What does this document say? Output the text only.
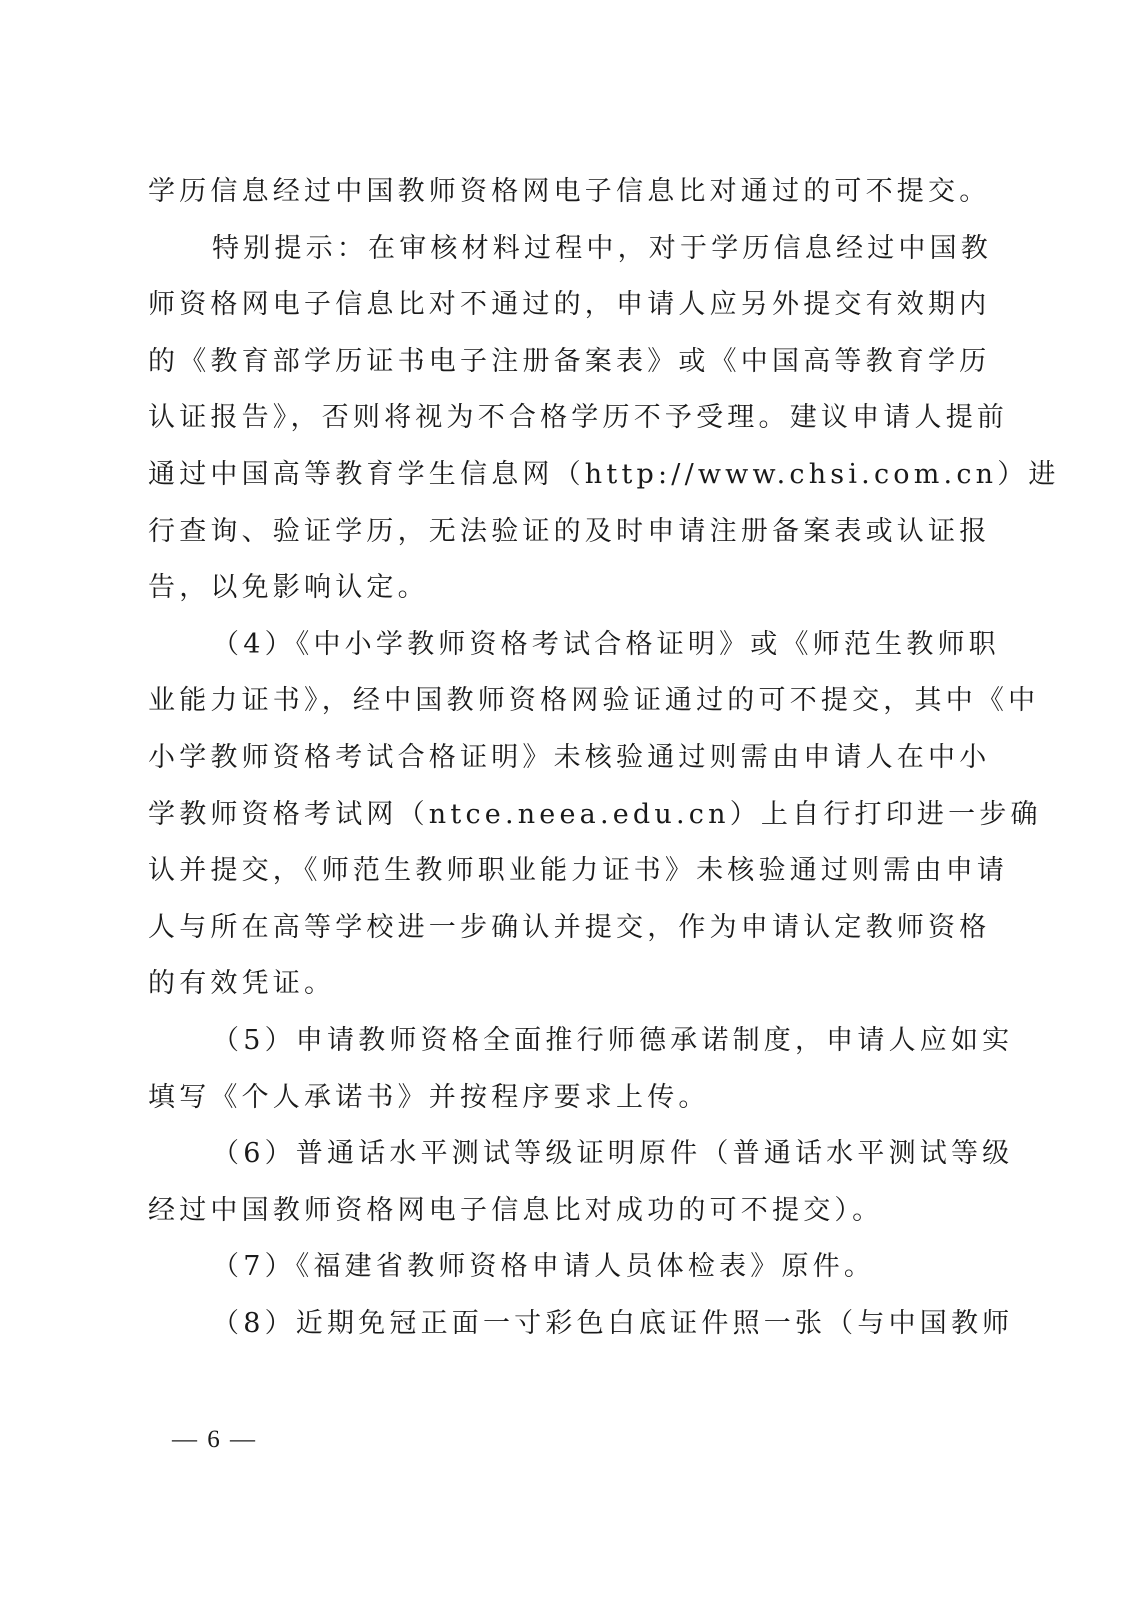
学历信息经过中国教师资格网电子信息比对通过的可不提交。
特别提示：在审核材料过程中，对于学历信息经过中国教
师资格网电子信息比对不通过的，申请人应另外提交有效期内
的《教育部学历证书电子注册备案表》或《中国高等教育学历
认证报告》，否则将视为不合格学历不予受理。建议申请人提前
通过中国高等教育学生信息网（http://www.chsi.com.cn）进
行查询、验证学历，无法验证的及时申请注册备案表或认证报
告，以免影响认定。
（4）《中小学教师资格考试合格证明》或《师范生教师职
业能力证书》，经中国教师资格网验证通过的可不提交，其中《中
小学教师资格考试合格证明》未核验通过则需由申请人在中小
学教师资格考试网（ntce.neea.edu.cn）上自行打印进一步确
认并提交，《师范生教师职业能力证书》未核验通过则需由申请
人与所在高等学校进一步确认并提交，作为申请认定教师资格
的有效凭证。
（5）申请教师资格全面推行师德承诺制度，申请人应如实
填写《个人承诺书》并按程序要求上传。
（6）普通话水平测试等级证明原件（普通话水平测试等级
经过中国教师资格网电子信息比对成功的可不提交）。
（7）《福建省教师资格申请人员体检表》原件。
（8）近期免冠正面一寸彩色白底证件照一张（与中国教师
— 6 —
